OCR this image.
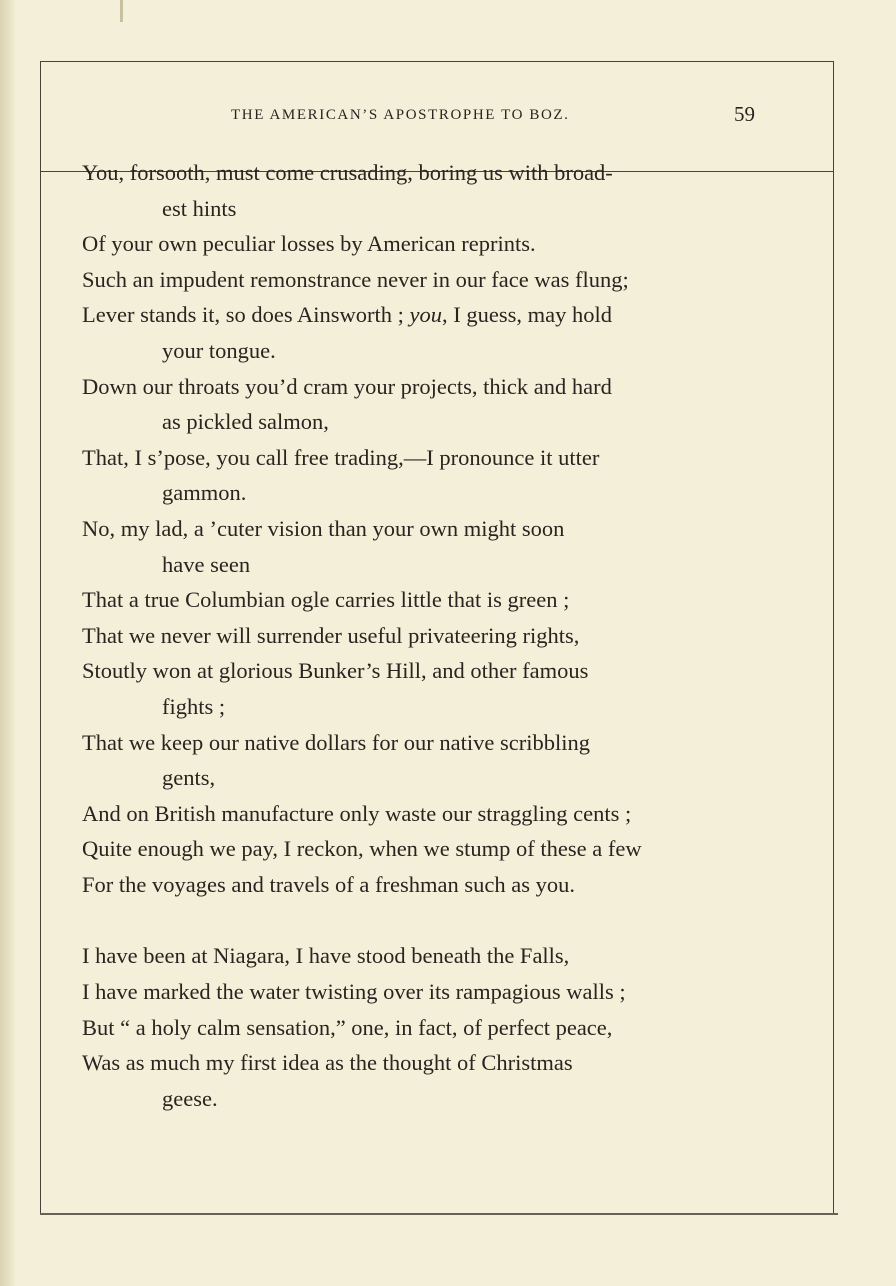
THE AMERICAN’S APOSTROPHE TO BOZ.	59
You, forsooth, must come crusading, boring us with broad-
est hints
Of your own peculiar losses by American reprints.
Such an impudent remonstrance never in our face was flung;
Lever stands it, so does Ainsworth ; you, I guess, may hold
your tongue.
Down our throats you’d cram your projects, thick and hard
as pickled salmon,
That, I s’pose, you call free trading,—I pronounce it utter
gammon.
No, my lad, a ’cuter vision than your own might soon
have seen
That a true Columbian ogle carries little that is green ;
That we never will surrender useful privateering rights,
Stoutly won at glorious Bunker’s Hill, and other famous
fights ;
That we keep our native dollars for our native scribbling
gents,
And on British manufacture only waste our straggling cents ;
Quite enough we pay, I reckon, when we stump of these a few
For the voyages and travels of a freshman such as you.
I have been at Niagara, I have stood beneath the Falls,
I have marked the water twisting over its rampagious walls ;
But “ a holy calm sensation,” one, in fact, of perfect peace,
Was as much my first idea as the thought of Christmas
geese.
